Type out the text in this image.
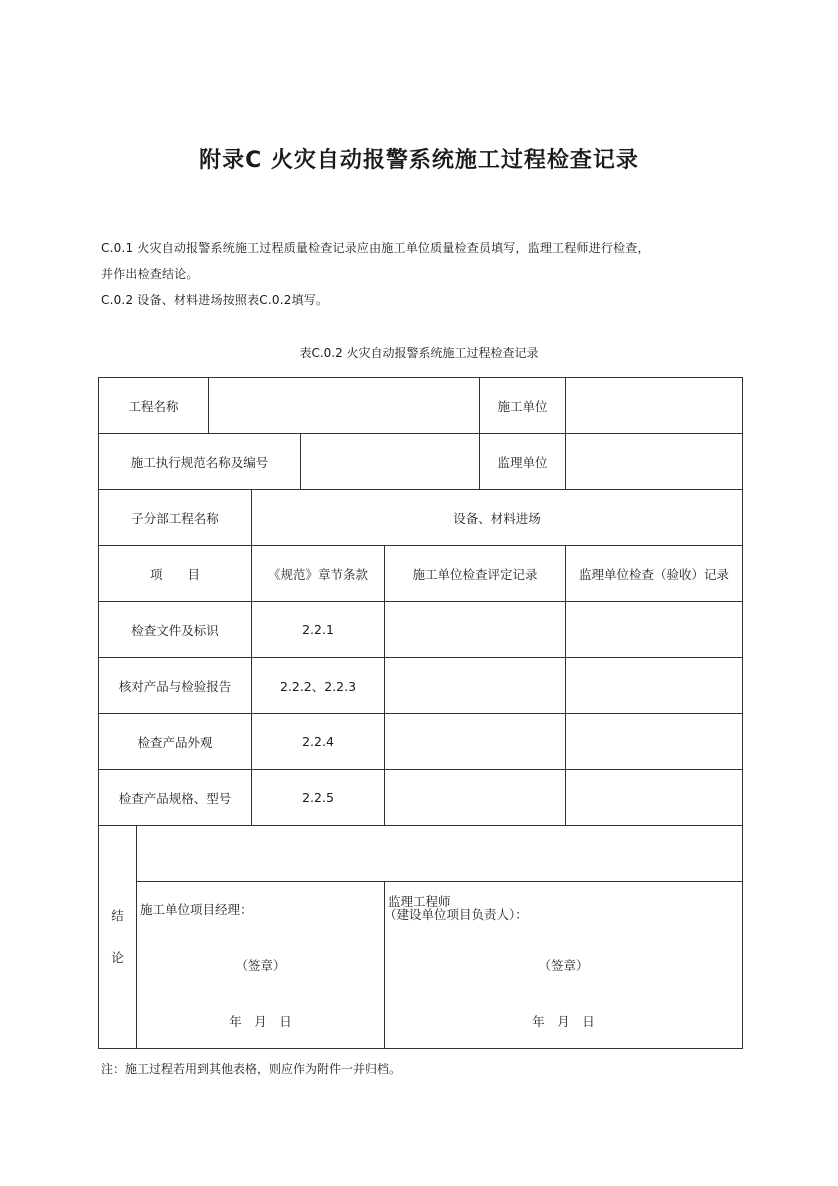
附录C 火灾自动报警系统施工过程检查记录
C.0.1 火灾自动报警系统施工过程质量检查记录应由施工单位质量检查员填写，监理工程师进行检查，
并作出检查结论。
C.0.2 设备、材料进场按照表C.0.2填写。
表C.0.2 火灾自动报警系统施工过程检查记录
工程名称	施工单位
施工执行规范名称及编号	监理单位
子分部工程名称	设备、材料进场
项　　目	《规范》章节条款	施工单位检查评定记录	监理单位检查（验收）记录
检查文件及标识	2.2.1
核对产品与检验报告	2.2.2、2.2.3
检查产品外观	2.2.4
检查产品规格、型号	2.2.5
结
论
施工单位项目经理：
（签章）
年　月　日
监理工程师
（建设单位项目负责人）：
（签章）
年　月　日
注：施工过程若用到其他表格，则应作为附件一并归档。
